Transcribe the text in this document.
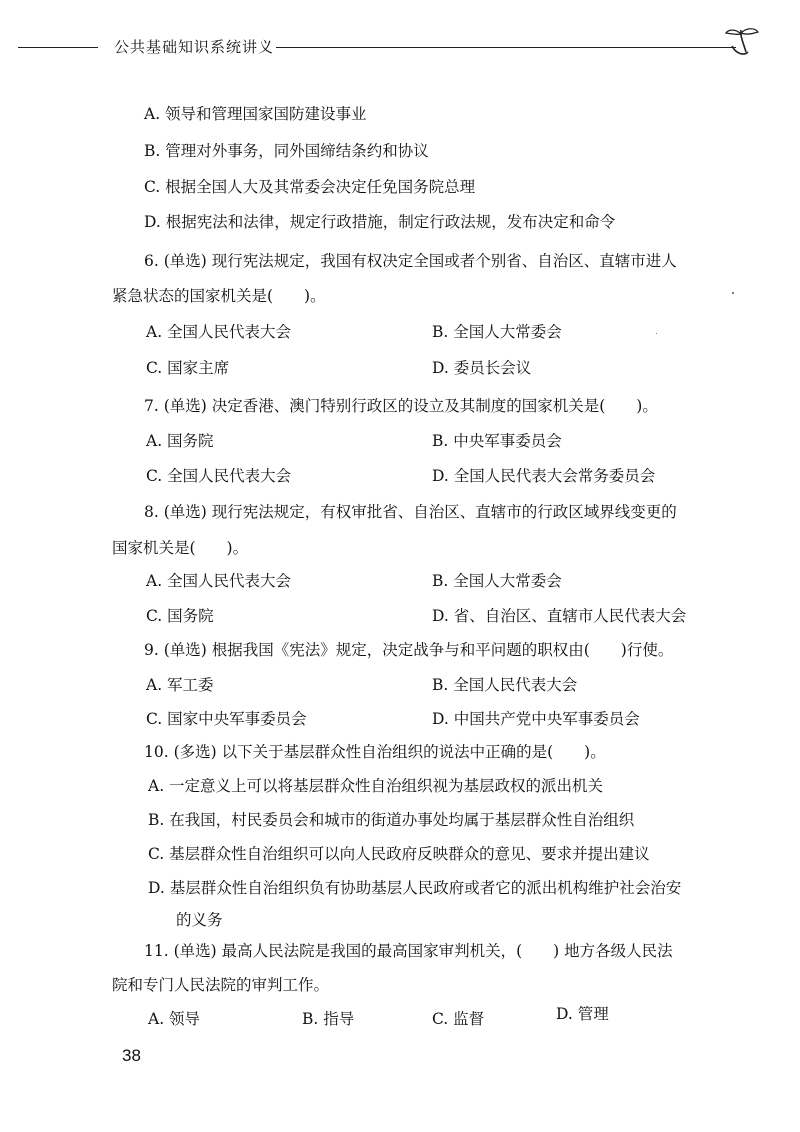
公共基础知识系统讲义
A. 领导和管理国家国防建设事业
B. 管理对外事务，同外国缔结条约和协议
C. 根据全国人大及其常委会决定任免国务院总理
D. 根据宪法和法律，规定行政措施，制定行政法规，发布决定和命令
6. (单选) 现行宪法规定，我国有权决定全国或者个别省、自治区、直辖市进人
紧急状态的国家机关是(　　)。
A. 全国人民代表大会	B. 全国人大常委会
C. 国家主席	D. 委员长会议
7. (单选) 决定香港、澳门特别行政区的设立及其制度的国家机关是(　　)。
A. 国务院	B. 中央军事委员会
C. 全国人民代表大会	D. 全国人民代表大会常务委员会
8. (单选) 现行宪法规定，有权审批省、自治区、直辖市的行政区域界线变更的
国家机关是(　　)。
A. 全国人民代表大会	B. 全国人大常委会
C. 国务院	D. 省、自治区、直辖市人民代表大会
9. (单选) 根据我国《宪法》规定，决定战争与和平问题的职权由(　　)行使。
A. 军工委	B. 全国人民代表大会
C. 国家中央军事委员会	D. 中国共产党中央军事委员会
10. (多选) 以下关于基层群众性自治组织的说法中正确的是(　　)。
A. 一定意义上可以将基层群众性自治组织视为基层政权的派出机关
B. 在我国，村民委员会和城市的街道办事处均属于基层群众性自治组织
C. 基层群众性自治组织可以向人民政府反映群众的意见、要求并提出建议
D. 基层群众性自治组织负有协助基层人民政府或者它的派出机构维护社会治安
的义务
11. (单选) 最高人民法院是我国的最高国家审判机关，(　　) 地方各级人民法
院和专门人民法院的审判工作。
A. 领导	B. 指导	C. 监督	D. 管理
38
